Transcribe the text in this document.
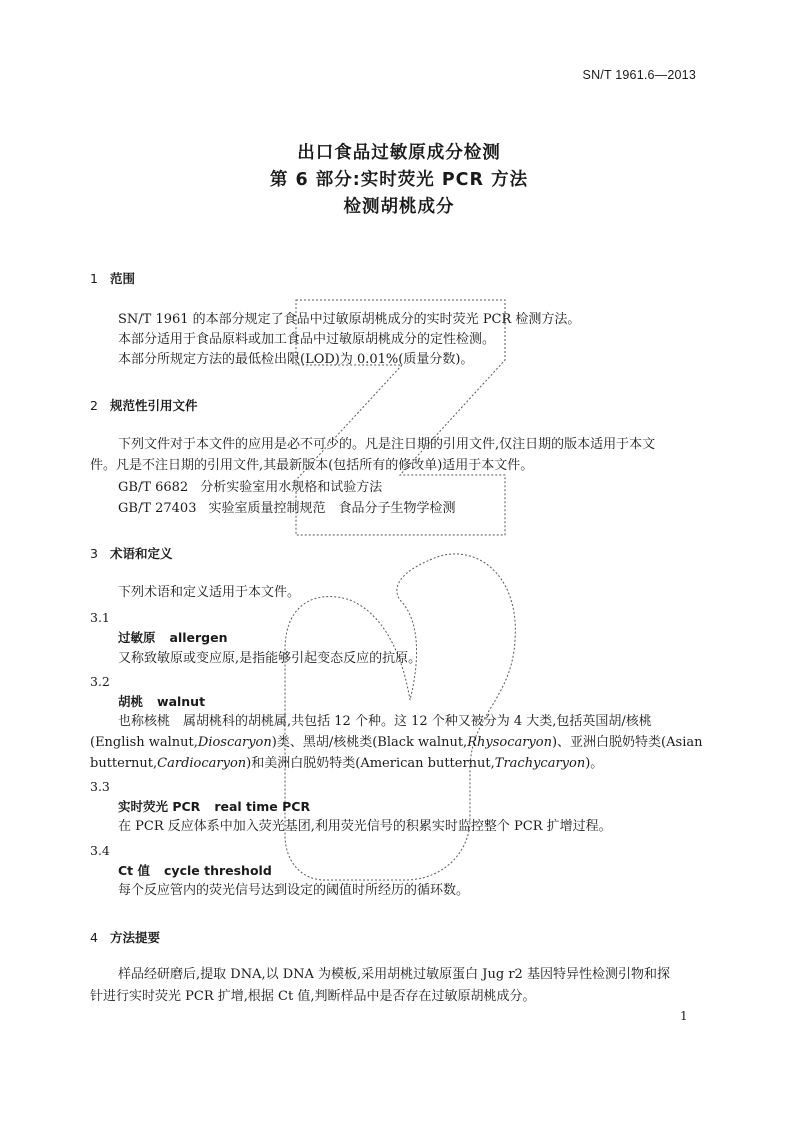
SN/T 1961.6—2013
出口食品过敏原成分检测
第 6 部分:实时荧光 PCR 方法
检测胡桃成分
1 范围
SN/T 1961 的本部分规定了食品中过敏原胡桃成分的实时荧光 PCR 检测方法。
本部分适用于食品原料或加工食品中过敏原胡桃成分的定性检测。
本部分所规定方法的最低检出限(LOD)为 0.01%(质量分数)。
2 规范性引用文件
下列文件对于本文件的应用是必不可少的。凡是注日期的引用文件,仅注日期的版本适用于本文
件。凡是不注日期的引用文件,其最新版本(包括所有的修改单)适用于本文件。
GB/T 6682 分析实验室用水规格和试验方法
GB/T 27403 实验室质量控制规范　食品分子生物学检测
3 术语和定义
下列术语和定义适用于本文件。
3.1
过敏原 allergen
又称致敏原或变应原,是指能够引起变态反应的抗原。
3.2
胡桃 walnut
也称核桃　属胡桃科的胡桃属,共包括 12 个种。这 12 个种又被分为 4 大类,包括英国胡/核桃
(English walnut,Dioscaryon)类、黑胡/核桃类(Black walnut,Rhysocaryon)、亚洲白脱奶特类(Asian
butternut,Cardiocaryon)和美洲白脱奶特类(American butternut,Trachycaryon)。
3.3
实时荧光 PCR real time PCR
在 PCR 反应体系中加入荧光基团,利用荧光信号的积累实时监控整个 PCR 扩增过程。
3.4
Ct 值 cycle threshold
每个反应管内的荧光信号达到设定的阈值时所经历的循环数。
4 方法提要
样品经研磨后,提取 DNA,以 DNA 为模板,采用胡桃过敏原蛋白 Jug r2 基因特异性检测引物和探
针进行实时荧光 PCR 扩增,根据 Ct 值,判断样品中是否存在过敏原胡桃成分。
1
